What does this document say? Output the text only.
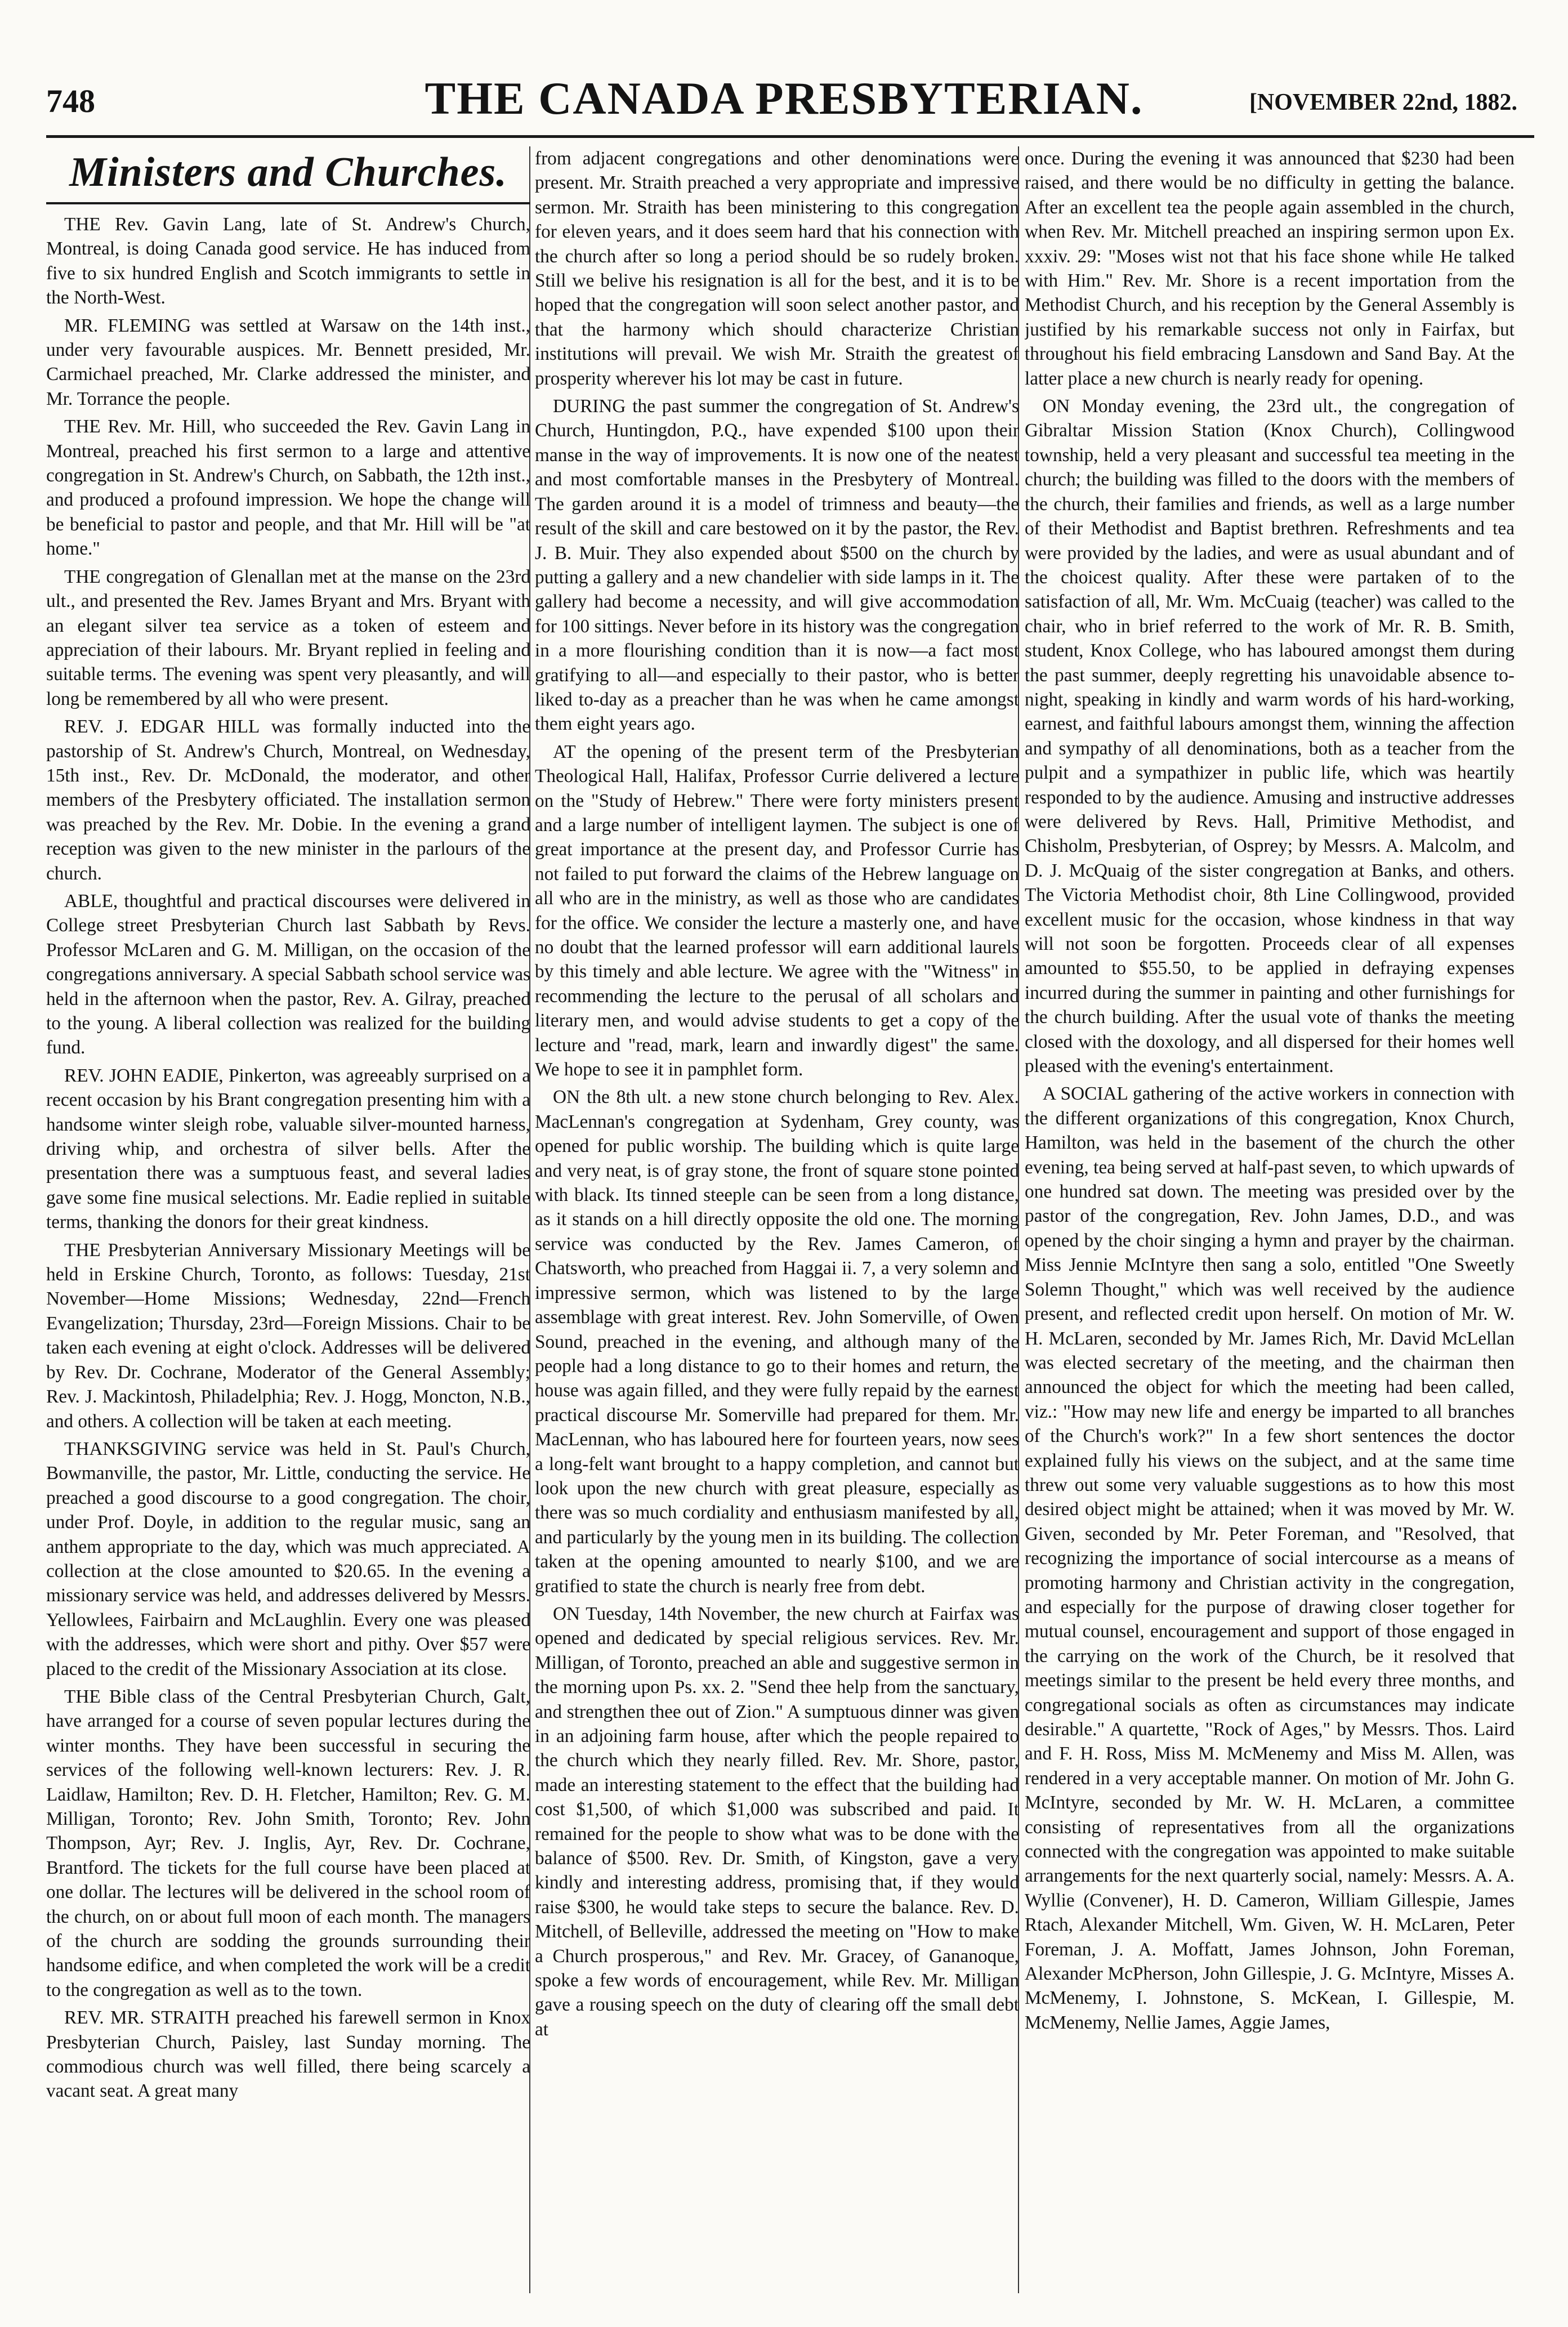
748	THE CANADA PRESBYTERIAN.	[NOVEMBER 22nd, 1882.
Ministers and Churches.

THE Rev. Gavin Lang, late of St. Andrew's Church, Montreal, is doing Canada good service. He has induced from five to six hundred English and Scotch immigrants to settle in the North-West.

MR. FLEMING was settled at Warsaw on the 14th inst., under very favourable auspices. Mr. Bennett presided, Mr. Carmichael preached, Mr. Clarke addressed the minister, and Mr. Torrance the people.

THE Rev. Mr. Hill, who succeeded the Rev. Gavin Lang in Montreal, preached his first sermon to a large and attentive congregation in St. Andrew's Church, on Sabbath, the 12th inst., and produced a profound impression. We hope the change will be beneficial to pastor and people, and that Mr. Hill will be "at home."

THE congregation of Glenallan met at the manse on the 23rd ult., and presented the Rev. James Bryant and Mrs. Bryant with an elegant silver tea service as a token of esteem and appreciation of their labours. Mr. Bryant replied in feeling and suitable terms. The evening was spent very pleasantly, and will long be remembered by all who were present.

REV. J. EDGAR HILL was formally inducted into the pastorship of St. Andrew's Church, Montreal, on Wednesday, 15th inst., Rev. Dr. McDonald, the moderator, and other members of the Presbytery officiated. The installation sermon was preached by the Rev. Mr. Dobie. In the evening a grand reception was given to the new minister in the parlours of the church.

ABLE, thoughtful and practical discourses were delivered in College street Presbyterian Church last Sabbath by Revs. Professor McLaren and G. M. Milligan, on the occasion of the congregations anniversary. A special Sabbath school service was held in the afternoon when the pastor, Rev. A. Gilray, preached to the young. A liberal collection was realized for the building fund.

REV. JOHN EADIE, Pinkerton, was agreeably surprised on a recent occasion by his Brant congregation presenting him with a handsome winter sleigh robe, valuable silver-mounted harness, driving whip, and orchestra of silver bells. After the presentation there was a sumptuous feast, and several ladies gave some fine musical selections. Mr. Eadie replied in suitable terms, thanking the donors for their great kindness.

THE Presbyterian Anniversary Missionary Meetings will be held in Erskine Church, Toronto, as follows: Tuesday, 21st November—Home Missions; Wednesday, 22nd—French Evangelization; Thursday, 23rd—Foreign Missions. Chair to be taken each evening at eight o'clock. Addresses will be delivered by Rev. Dr. Cochrane, Moderator of the General Assembly; Rev. J. Mackintosh, Philadelphia; Rev. J. Hogg, Moncton, N.B., and others. A collection will be taken at each meeting.

THANKSGIVING service was held in St. Paul's Church, Bowmanville, the pastor, Mr. Little, conducting the service. He preached a good discourse to a good congregation. The choir, under Prof. Doyle, in addition to the regular music, sang an anthem appropriate to the day, which was much appreciated. A collection at the close amounted to $20.65. In the evening a missionary service was held, and addresses delivered by Messrs. Yellowlees, Fairbairn and McLaughlin. Every one was pleased with the addresses, which were short and pithy. Over $57 were placed to the credit of the Missionary Association at its close.

THE Bible class of the Central Presbyterian Church, Galt, have arranged for a course of seven popular lectures during the winter months. They have been successful in securing the services of the following well-known lecturers: Rev. J. R. Laidlaw, Hamilton; Rev. D. H. Fletcher, Hamilton; Rev. G. M. Milligan, Toronto; Rev. John Smith, Toronto; Rev. John Thompson, Ayr; Rev. J. Inglis, Ayr, Rev. Dr. Cochrane, Brantford. The tickets for the full course have been placed at one dollar. The lectures will be delivered in the school room of the church, on or about full moon of each month. The managers of the church are sodding the grounds surrounding their handsome edifice, and when completed the work will be a credit to the congregation as well as to the town.

REV. MR. STRAITH preached his farewell sermon in Knox Presbyterian Church, Paisley, last Sunday morning. The commodious church was well filled, there being scarcely a vacant seat. A great many

from adjacent congregations and other denominations were present. Mr. Straith preached a very appropriate and impressive sermon. Mr. Straith has been ministering to this congregation for eleven years, and it does seem hard that his connection with the church after so long a period should be so rudely broken. Still we belive his resignation is all for the best, and it is to be hoped that the congregation will soon select another pastor, and that the harmony which should characterize Christian institutions will prevail. We wish Mr. Straith the greatest of prosperity wherever his lot may be cast in future.

DURING the past summer the congregation of St. Andrew's Church, Huntingdon, P.Q., have expended $100 upon their manse in the way of improvements. It is now one of the neatest and most comfortable manses in the Presbytery of Montreal. The garden around it is a model of trimness and beauty—the result of the skill and care bestowed on it by the pastor, the Rev. J. B. Muir. They also expended about $500 on the church by putting a gallery and a new chandelier with side lamps in it. The gallery had become a necessity, and will give accommodation for 100 sittings. Never before in its history was the congregation in a more flourishing condition than it is now—a fact most gratifying to all—and especially to their pastor, who is better liked to-day as a preacher than he was when he came amongst them eight years ago.

AT the opening of the present term of the Presbyterian Theological Hall, Halifax, Professor Currie delivered a lecture on the "Study of Hebrew." There were forty ministers present and a large number of intelligent laymen. The subject is one of great importance at the present day, and Professor Currie has not failed to put forward the claims of the Hebrew language on all who are in the ministry, as well as those who are candidates for the office. We consider the lecture a masterly one, and have no doubt that the learned professor will earn additional laurels by this timely and able lecture. We agree with the "Witness" in recommending the lecture to the perusal of all scholars and literary men, and would advise students to get a copy of the lecture and "read, mark, learn and inwardly digest" the same. We hope to see it in pamphlet form.

ON the 8th ult. a new stone church belonging to Rev. Alex. MacLennan's congregation at Sydenham, Grey county, was opened for public worship. The building which is quite large and very neat, is of gray stone, the front of square stone pointed with black. Its tinned steeple can be seen from a long distance, as it stands on a hill directly opposite the old one. The morning service was conducted by the Rev. James Cameron, of Chatsworth, who preached from Haggai ii. 7, a very solemn and impressive sermon, which was listened to by the large assemblage with great interest. Rev. John Somerville, of Owen Sound, preached in the evening, and although many of the people had a long distance to go to their homes and return, the house was again filled, and they were fully repaid by the earnest practical discourse Mr. Somerville had prepared for them. Mr. MacLennan, who has laboured here for fourteen years, now sees a long-felt want brought to a happy completion, and cannot but look upon the new church with great pleasure, especially as there was so much cordiality and enthusiasm manifested by all, and particularly by the young men in its building. The collection taken at the opening amounted to nearly $100, and we are gratified to state the church is nearly free from debt.

ON Tuesday, 14th November, the new church at Fairfax was opened and dedicated by special religious services. Rev. Mr. Milligan, of Toronto, preached an able and suggestive sermon in the morning upon Ps. xx. 2. "Send thee help from the sanctuary, and strengthen thee out of Zion." A sumptuous dinner was given in an adjoining farm house, after which the people repaired to the church which they nearly filled. Rev. Mr. Shore, pastor, made an interesting statement to the effect that the building had cost $1,500, of which $1,000 was subscribed and paid. It remained for the people to show what was to be done with the balance of $500. Rev. Dr. Smith, of Kingston, gave a very kindly and interesting address, promising that, if they would raise $300, he would take steps to secure the balance. Rev. D. Mitchell, of Belleville, addressed the meeting on "How to make a Church prosperous," and Rev. Mr. Gracey, of Gananoque, spoke a few words of encouragement, while Rev. Mr. Milligan gave a rousing speech on the duty of clearing off the small debt at

once. During the evening it was announced that $230 had been raised, and there would be no difficulty in getting the balance. After an excellent tea the people again assembled in the church, when Rev. Mr. Mitchell preached an inspiring sermon upon Ex. xxxiv. 29: "Moses wist not that his face shone while He talked with Him." Rev. Mr. Shore is a recent importation from the Methodist Church, and his reception by the General Assembly is justified by his remarkable success not only in Fairfax, but throughout his field embracing Lansdown and Sand Bay. At the latter place a new church is nearly ready for opening.

ON Monday evening, the 23rd ult., the congregation of Gibraltar Mission Station (Knox Church), Collingwood township, held a very pleasant and successful tea meeting in the church; the building was filled to the doors with the members of the church, their families and friends, as well as a large number of their Methodist and Baptist brethren. Refreshments and tea were provided by the ladies, and were as usual abundant and of the choicest quality. After these were partaken of to the satisfaction of all, Mr. Wm. McCuaig (teacher) was called to the chair, who in brief referred to the work of Mr. R. B. Smith, student, Knox College, who has laboured amongst them during the past summer, deeply regretting his unavoidable absence to-night, speaking in kindly and warm words of his hard-working, earnest, and faithful labours amongst them, winning the affection and sympathy of all denominations, both as a teacher from the pulpit and a sympathizer in public life, which was heartily responded to by the audience. Amusing and instructive addresses were delivered by Revs. Hall, Primitive Methodist, and Chisholm, Presbyterian, of Osprey; by Messrs. A. Malcolm, and D. J. McQuaig of the sister congregation at Banks, and others. The Victoria Methodist choir, 8th Line Collingwood, provided excellent music for the occasion, whose kindness in that way will not soon be forgotten. Proceeds clear of all expenses amounted to $55.50, to be applied in defraying expenses incurred during the summer in painting and other furnishings for the church building. After the usual vote of thanks the meeting closed with the doxology, and all dispersed for their homes well pleased with the evening's entertainment.

A SOCIAL gathering of the active workers in connection with the different organizations of this congregation, Knox Church, Hamilton, was held in the basement of the church the other evening, tea being served at half-past seven, to which upwards of one hundred sat down. The meeting was presided over by the pastor of the congregation, Rev. John James, D.D., and was opened by the choir singing a hymn and prayer by the chairman. Miss Jennie McIntyre then sang a solo, entitled "One Sweetly Solemn Thought," which was well received by the audience present, and reflected credit upon herself. On motion of Mr. W. H. McLaren, seconded by Mr. James Rich, Mr. David McLellan was elected secretary of the meeting, and the chairman then announced the object for which the meeting had been called, viz.: "How may new life and energy be imparted to all branches of the Church's work?" In a few short sentences the doctor explained fully his views on the subject, and at the same time threw out some very valuable suggestions as to how this most desired object might be attained; when it was moved by Mr. W. Given, seconded by Mr. Peter Foreman, and "Resolved, that recognizing the importance of social intercourse as a means of promoting harmony and Christian activity in the congregation, and especially for the purpose of drawing closer together for mutual counsel, encouragement and support of those engaged in the carrying on the work of the Church, be it resolved that meetings similar to the present be held every three months, and congregational socials as often as circumstances may indicate desirable." A quartette, "Rock of Ages," by Messrs. Thos. Laird and F. H. Ross, Miss M. McMenemy and Miss M. Allen, was rendered in a very acceptable manner. On motion of Mr. John G. McIntyre, seconded by Mr. W. H. McLaren, a committee consisting of representatives from all the organizations connected with the congregation was appointed to make suitable arrangements for the next quarterly social, namely: Messrs. A. A. Wyllie (Convener), H. D. Cameron, William Gillespie, James Rtach, Alexander Mitchell, Wm. Given, W. H. McLaren, Peter Foreman, J. A. Moffatt, James Johnson, John Foreman, Alexander McPherson, John Gillespie, J. G. McIntyre, Misses A. McMenemy, I. Johnstone, S. McKean, I. Gillespie, M. McMenemy, Nellie James, Aggie James,
